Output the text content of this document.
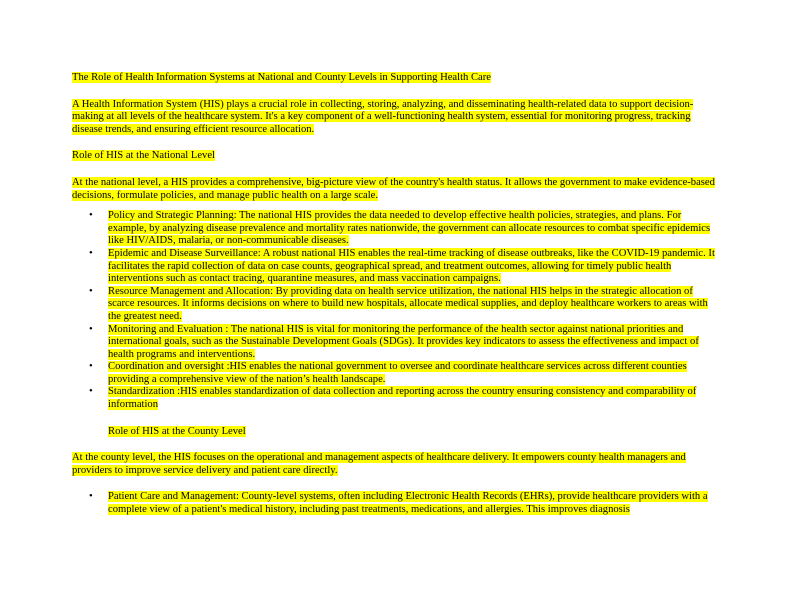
The Role of Health Information Systems at National and County Levels in Supporting Health Care

A Health Information System (HIS) plays a crucial role in collecting, storing, analyzing, and disseminating health-related data to support decision-making at all levels of the healthcare system. It's a key component of a well-functioning health system, essential for monitoring progress, tracking disease trends, and ensuring efficient resource allocation.

Role of HIS at the National Level

At the national level, a HIS provides a comprehensive, big-picture view of the country's health status. It allows the government to make evidence-based decisions, formulate policies, and manage public health on a large scale.

• Policy and Strategic Planning: The national HIS provides the data needed to develop effective health policies, strategies, and plans. For example, by analyzing disease prevalence and mortality rates nationwide, the government can allocate resources to combat specific epidemics like HIV/AIDS, malaria, or non-communicable diseases.
• Epidemic and Disease Surveillance: A robust national HIS enables the real-time tracking of disease outbreaks, like the COVID-19 pandemic. It facilitates the rapid collection of data on case counts, geographical spread, and treatment outcomes, allowing for timely public health interventions such as contact tracing, quarantine measures, and mass vaccination campaigns.
• Resource Management and Allocation: By providing data on health service utilization, the national HIS helps in the strategic allocation of scarce resources. It informs decisions on where to build new hospitals, allocate medical supplies, and deploy healthcare workers to areas with the greatest need.
• Monitoring and Evaluation : The national HIS is vital for monitoring the performance of the health sector against national priorities and international goals, such as the Sustainable Development Goals (SDGs). It provides key indicators to assess the effectiveness and impact of health programs and interventions.
• Coordination and oversight :HIS enables the national government to oversee and coordinate healthcare services across different counties providing a comprehensive view of the nation’s health landscape.
• Standardization :HIS enables standardization of data collection and reporting across the country ensuring consistency and comparability of information

Role of HIS at the County Level

At the county level, the HIS focuses on the operational and management aspects of healthcare delivery. It empowers county health managers and providers to improve service delivery and patient care directly.

• Patient Care and Management: County-level systems, often including Electronic Health Records (EHRs), provide healthcare providers with a complete view of a patient's medical history, including past treatments, medications, and allergies. This improves diagnosis
